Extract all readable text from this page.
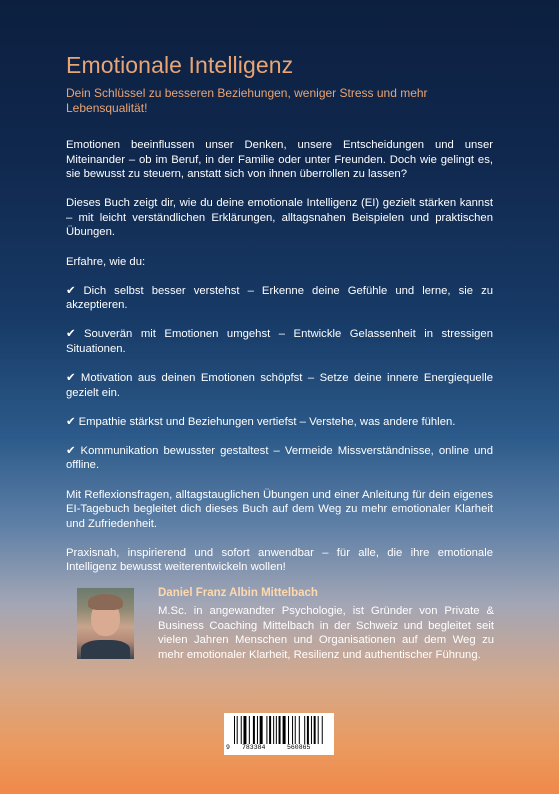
Emotionale Intelligenz

Dein Schlüssel zu besseren Beziehungen, weniger Stress und mehr Lebensqualität!

Emotionen beeinflussen unser Denken, unsere Entscheidungen und unser Miteinander – ob im Beruf, in der Familie oder unter Freunden. Doch wie gelingt es, sie bewusst zu steuern, anstatt sich von ihnen überrollen zu lassen?

Dieses Buch zeigt dir, wie du deine emotionale Intelligenz (EI) gezielt stärken kannst – mit leicht verständlichen Erklärungen, alltagsnahen Beispielen und praktischen Übungen.

Erfahre, wie du:

✔ Dich selbst besser verstehst – Erkenne deine Gefühle und lerne, sie zu akzeptieren.

✔ Souverän mit Emotionen umgehst – Entwickle Gelassenheit in stressigen Situationen.

✔ Motivation aus deinen Emotionen schöpfst – Setze deine innere Energiequelle gezielt ein.

✔ Empathie stärkst und Beziehungen vertiefst – Verstehe, was andere fühlen.

✔ Kommunikation bewusster gestaltest – Vermeide Missverständnisse, online und offline.

Mit Reflexionsfragen, alltagstauglichen Übungen und einer Anleitung für dein eigenes EI-Tagebuch begleitet dich dieses Buch auf dem Weg zu mehr emotionaler Klarheit und Zufriedenheit.

Praxisnah, inspirierend und sofort anwendbar – für alle, die ihre emotionale Intelligenz bewusst weiterentwickeln wollen!

Daniel Franz Albin Mittelbach

M.Sc. in angewandter Psychologie, ist Gründer von Private & Business Coaching Mittelbach in der Schweiz und begleitet seit vielen Jahren Menschen und Organisationen auf dem Weg zu mehr emotionaler Klarheit, Resilienz und authentischer Führung.

9 783384	560865
